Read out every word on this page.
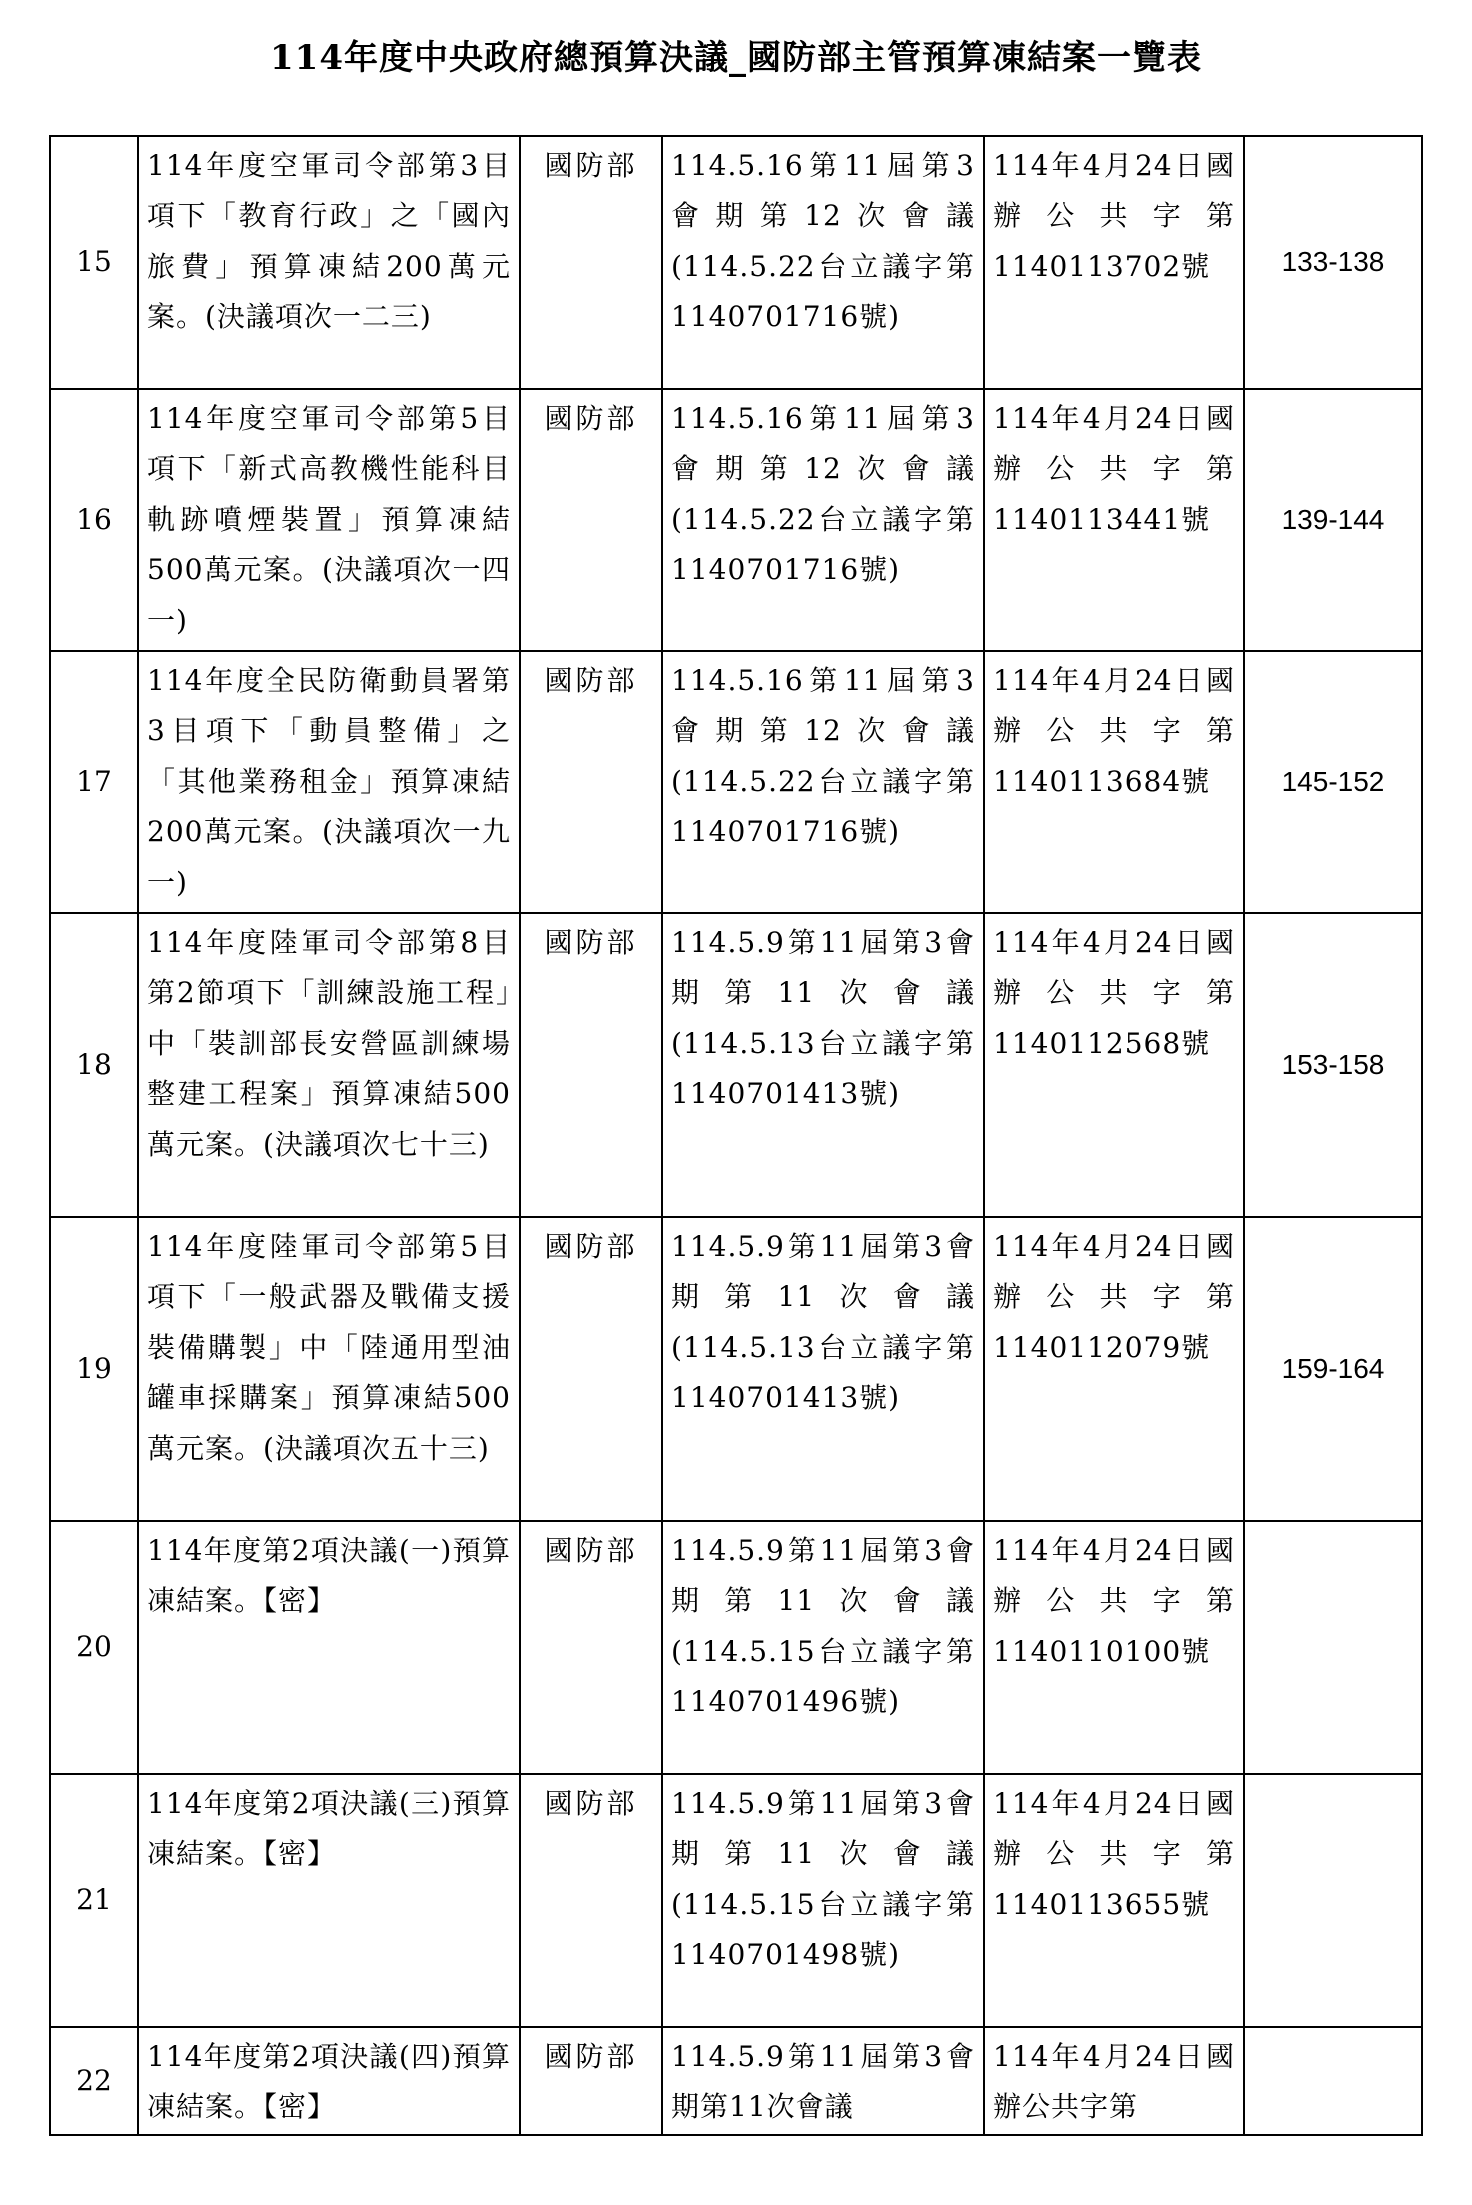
114年度中央政府總預算決議_國防部主管預算凍結案一覽表
15	114年度空軍司令部第3目項下「教育行政」之「國內旅費」預算凍結200萬元案。(決議項次一二三)	國防部	114.5.16第11屆第3會期第12次會議(114.5.22台立議字第1140701716號)	114年4月24日國辦公共字第1140113702號	133-138
16	114年度空軍司令部第5目項下「新式高教機性能科目軌跡噴煙裝置」預算凍結500萬元案。(決議項次一四一)	國防部	114.5.16第11屆第3會期第12次會議(114.5.22台立議字第1140701716號)	114年4月24日國辦公共字第1140113441號	139-144
17	114年度全民防衛動員署第3目項下「動員整備」之「其他業務租金」預算凍結200萬元案。(決議項次一九一)	國防部	114.5.16第11屆第3會期第12次會議(114.5.22台立議字第1140701716號)	114年4月24日國辦公共字第1140113684號	145-152
18	114年度陸軍司令部第8目第2節項下「訓練設施工程」中「裝訓部長安營區訓練場整建工程案」預算凍結500萬元案。(決議項次七十三)	國防部	114.5.9第11屆第3會期第11次會議(114.5.13台立議字第1140701413號)	114年4月24日國辦公共字第1140112568號	153-158
19	114年度陸軍司令部第5目項下「一般武器及戰備支援裝備購製」中「陸通用型油罐車採購案」預算凍結500萬元案。(決議項次五十三)	國防部	114.5.9第11屆第3會期第11次會議(114.5.13台立議字第1140701413號)	114年4月24日國辦公共字第1140112079號	159-164
20	114年度第2項決議(一)預算凍結案。【密】	國防部	114.5.9第11屆第3會期第11次會議(114.5.15台立議字第1140701496號)	114年4月24日國辦公共字第1140110100號	
21	114年度第2項決議(三)預算凍結案。【密】	國防部	114.5.9第11屆第3會期第11次會議(114.5.15台立議字第1140701498號)	114年4月24日國辦公共字第1140113655號	
22	114年度第2項決議(四)預算凍結案。【密】	國防部	114.5.9第11屆第3會期第11次會議	114年4月24日國辦公共字第	
